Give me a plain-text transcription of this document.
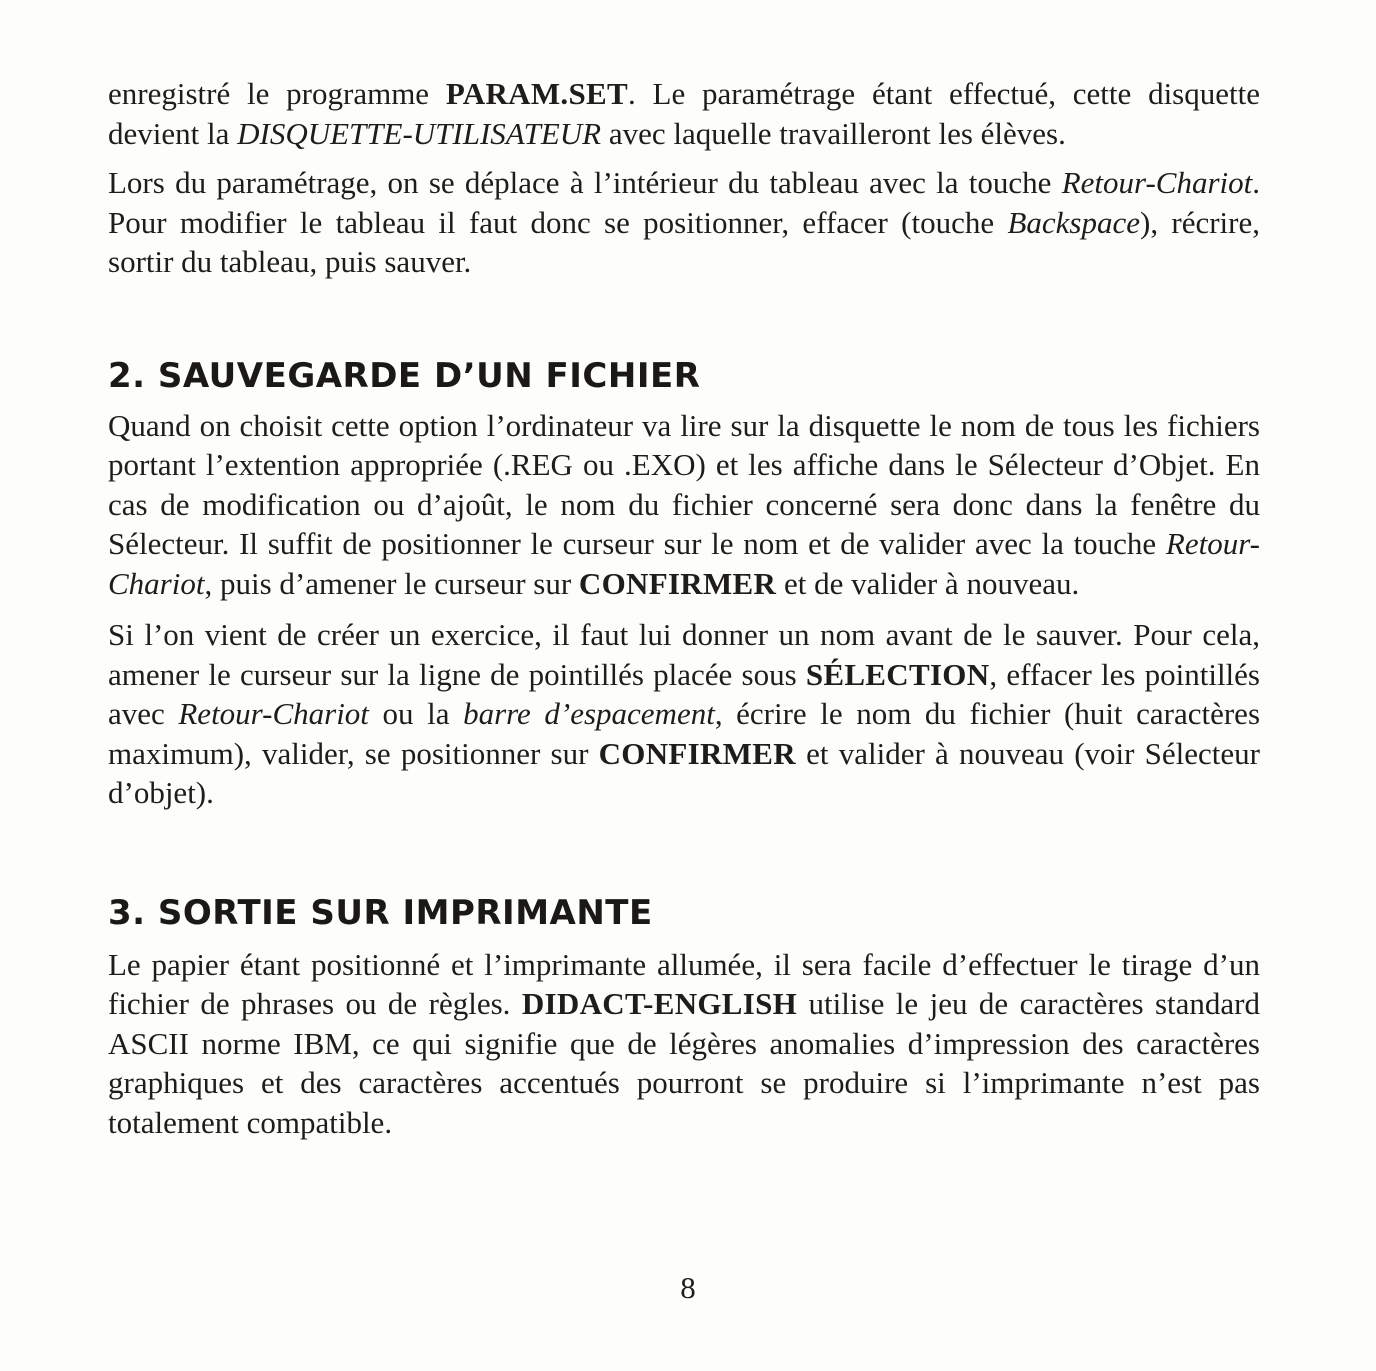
enregistré le programme PARAM.SET. Le paramétrage étant effectué, cette disquette devient la DISQUETTE-UTILISATEUR avec laquelle travailleront les élèves.

Lors du paramétrage, on se déplace à l’intérieur du tableau avec la touche Retour-Chariot. Pour modifier le tableau il faut donc se positionner, effacer (touche Backspace), récrire, sortir du tableau, puis sauver.

2. SAUVEGARDE D’UN FICHIER

Quand on choisit cette option l’ordinateur va lire sur la disquette le nom de tous les fichiers portant l’extention appropriée (.REG ou .EXO) et les affiche dans le Sélecteur d’Objet. En cas de modification ou d’ajoût, le nom du fichier concerné sera donc dans la fenêtre du Sélecteur. Il suffit de positionner le curseur sur le nom et de valider avec la touche Retour-Chariot, puis d’amener le curseur sur CONFIRMER et de valider à nouveau.

Si l’on vient de créer un exercice, il faut lui donner un nom avant de le sauver. Pour cela, amener le curseur sur la ligne de pointillés placée sous SÉLECTION, effacer les pointillés avec Retour-Chariot ou la barre d’espacement, écrire le nom du fichier (huit caractères maximum), valider, se positionner sur CONFIRMER et valider à nouveau (voir Sélecteur d’objet).

3. SORTIE SUR IMPRIMANTE

Le papier étant positionné et l’imprimante allumée, il sera facile d’effectuer le tirage d’un fichier de phrases ou de règles. DIDACT-ENGLISH utilise le jeu de caractères standard ASCII norme IBM, ce qui signifie que de légères anomalies d’impression des caractères graphiques et des caractères accentués pourront se produire si l’imprimante n’est pas totalement compatible.

8
